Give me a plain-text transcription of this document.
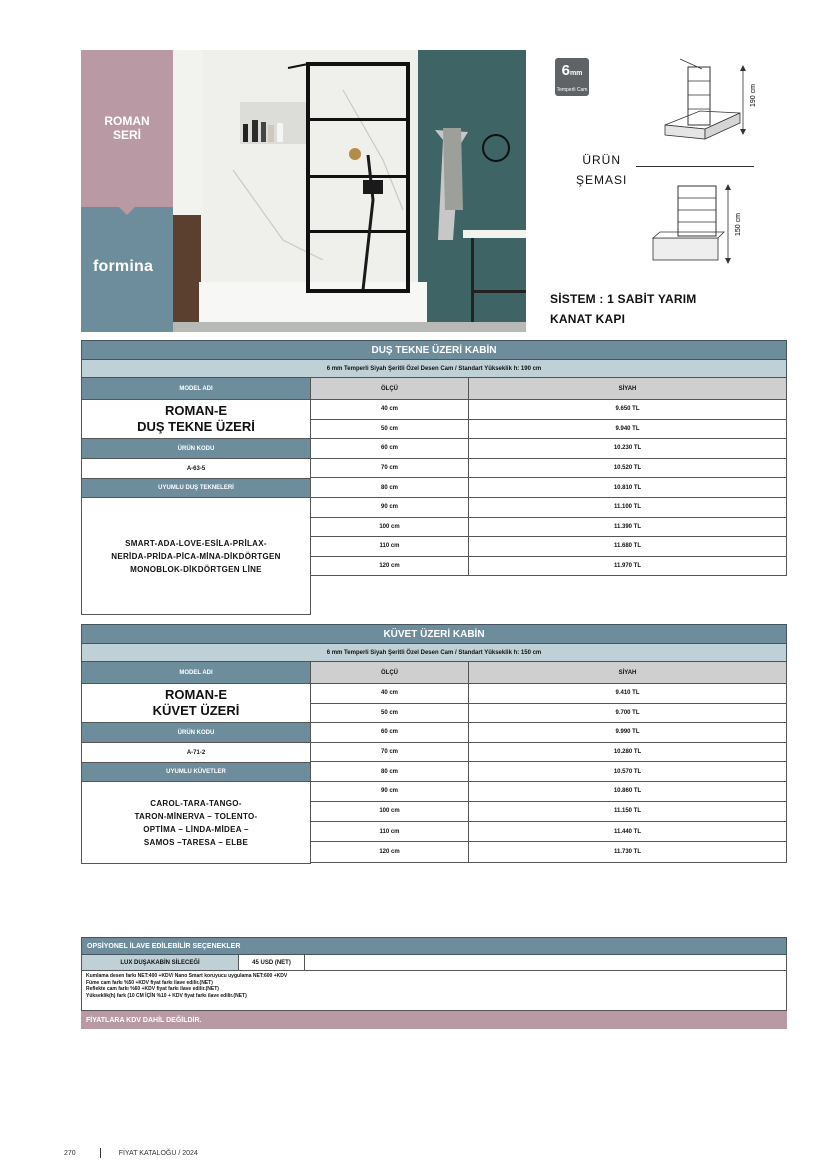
ROMAN
SERİ
formina
6mm
Temperli Cam	190 cm
ÜRÜN
ŞEMASI
150 cm
SİSTEM : 1 SABİT YARIM
KANAT KAPI
DUŞ TEKNE ÜZERİ KABİN
6 mm Temperli Siyah Şeritli Özel Desen Cam / Standart Yükseklik h: 190 cm
MODEL ADI	ÖLÇÜ	SİYAH
ROMAN-E
DUŞ TEKNE ÜZERİ
ÜRÜN KODU
A-63-5
UYUMLU DUŞ TEKNELERİ
SMART-ADA-LOVE-ESİLA-PRİLAX-
NERİDA-PRİDA-PİCA-MİNA-DİKDÖRTGEN
MONOBLOK-DİKDÖRTGEN LİNE
40 cm	9.650 TL
50 cm	9.940 TL
60 cm	10.230 TL
70 cm	10.520 TL
80 cm	10.810 TL
90 cm	11.100 TL
100 cm	11.390 TL
110 cm	11.680 TL
120 cm	11.970 TL
KÜVET ÜZERİ KABİN
6 mm Temperli Siyah Şeritli Özel Desen Cam / Standart Yükseklik h: 150 cm
MODEL ADI	ÖLÇÜ	SİYAH
ROMAN-E
KÜVET ÜZERİ
ÜRÜN KODU
A-71-2
UYUMLU KÜVETLER
CAROL-TARA-TANGO-
TARON-MİNERVA – TOLENTO-
OPTİMA – LİNDA-MİDEA –
SAMOS –TARESA – ELBE
40 cm	9.410 TL
50 cm	9.700 TL
60 cm	9.990 TL
70 cm	10.280 TL
80 cm	10.570 TL
90 cm	10.860 TL
100 cm	11.150 TL
110 cm	11.440 TL
120 cm	11.730 TL
OPSİYONEL İLAVE EDİLEBİLİR SEÇENEKLER
LUX DUŞAKABİN SİLECEĞİ	45 USD (NET)
Kumlama desen farkı NET:400 +KDV/ Nano Smart koruyucu uygulama NET:600 +KDV
Füme cam farkı %50 +KDV fiyat farkı ilave edilir.(NET)
Reflekte cam farkı %60 +KDV fiyat farkı ilave edilir.(NET)
Yükseklik(h) fark (10 CM İÇİN %10 + KDV fiyat farkı ilave edilir.(NET)
FİYATLARA KDV DAHİL DEĞİLDİR.
270	FİYAT KATALOĞU / 2024
